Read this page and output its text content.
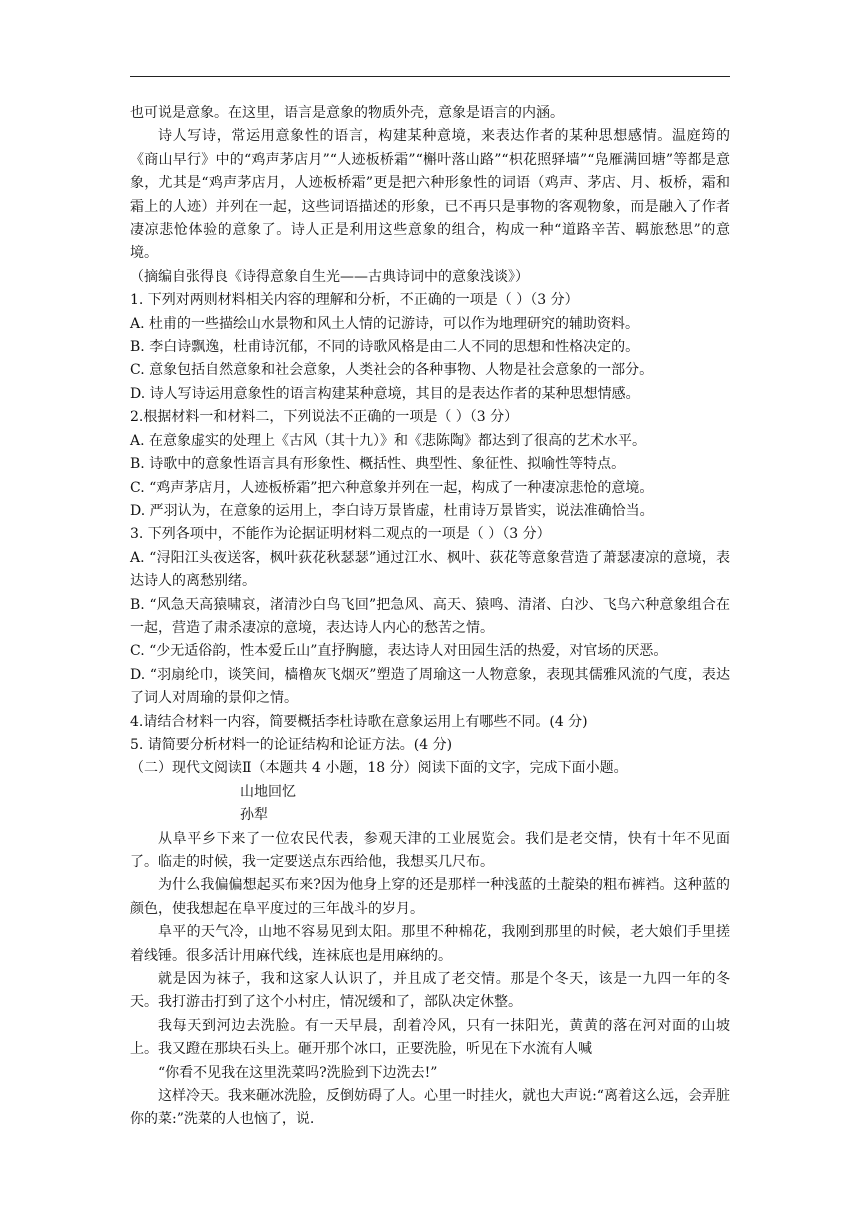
也可说是意象。在这里，语言是意象的物质外壳，意象是语言的内涵。

诗人写诗，常运用意象性的语言，构建某种意境，来表达作者的某种思想感情。温庭筠的《商山早行》中的“鸡声茅店月”“人迹板桥霜”“槲叶落山路”“枳花照驿墙”“凫雁满回塘”等都是意象，尤其是“鸡声茅店月，人迹板桥霜”更是把六种形象性的词语（鸡声、茅店、月、板桥，霜和霜上的人迹）并列在一起，这些词语描述的形象，已不再只是事物的客观物象，而是融入了作者凄凉悲怆体验的意象了。诗人正是利用这些意象的组合，构成一种“道路辛苦、羁旅愁思”的意境。

（摘编自张得良《诗得意象自生光——古典诗词中的意象浅谈》）

1. 下列对两则材料相关内容的理解和分析，不正确的一项是（ ）（3 分）

A. 杜甫的一些描绘山水景物和风土人情的记游诗，可以作为地理研究的辅助资料。

B. 李白诗飘逸，杜甫诗沉郁，不同的诗歌风格是由二人不同的思想和性格决定的。

C. 意象包括自然意象和社会意象，人类社会的各种事物、人物是社会意象的一部分。

D. 诗人写诗运用意象性的语言构建某种意境，其目的是表达作者的某种思想情感。

2.根据材料一和材料二，下列说法不正确的一项是（ ）（3 分）

A. 在意象虚实的处理上《古风（其十九）》和《悲陈陶》都达到了很高的艺术水平。

B. 诗歌中的意象性语言具有形象性、概括性、典型性、象征性、拟喻性等特点。

C. “鸡声茅店月，人迹板桥霜”把六种意象并列在一起，构成了一种凄凉悲怆的意境。

D. 严羽认为，在意象的运用上，李白诗万景皆虚，杜甫诗万景皆实，说法准确恰当。

3. 下列各项中，不能作为论据证明材料二观点的一项是（ ）（3 分）

A. “浔阳江头夜送客，枫叶荻花秋瑟瑟”通过江水、枫叶、荻花等意象营造了萧瑟凄凉的意境，表达诗人的离愁别绪。

B. “风急天高猿啸哀，渚清沙白鸟飞回”把急风、高天、猿鸣、清渚、白沙、飞鸟六种意象组合在一起，营造了肃杀凄凉的意境，表达诗人内心的愁苦之情。

C. “少无适俗韵，性本爱丘山”直抒胸臆，表达诗人对田园生活的热爱，对官场的厌恶。

D. “羽扇纶巾，谈笑间，樯橹灰飞烟灭”塑造了周瑜这一人物意象，表现其儒雅风流的气度，表达了词人对周瑜的景仰之情。

4.请结合材料一内容，简要概括李杜诗歌在意象运用上有哪些不同。(4 分)

5. 请简要分析材料一的论证结构和论证方法。(4 分)

（二）现代文阅读Ⅱ（本题共 4 小题，18 分）阅读下面的文字，完成下面小题。

山地回忆

孙犁

从阜平乡下来了一位农民代表，参观天津的工业展览会。我们是老交情，快有十年不见面了。临走的时候，我一定要送点东西给他，我想买几尺布。

为什么我偏偏想起买布来?因为他身上穿的还是那样一种浅蓝的土靛染的粗布裤裆。这种蓝的颜色，使我想起在阜平度过的三年战斗的岁月。

阜平的天气冷，山地不容易见到太阳。那里不种棉花，我刚到那里的时候，老大娘们手里搓着线锤。很多活计用麻代线，连袜底也是用麻纳的。

就是因为袜子，我和这家人认识了，并且成了老交情。那是个冬天，该是一九四一年的冬天。我打游击打到了这个小村庄，情况缓和了，部队决定休整。

我每天到河边去洗脸。有一天早晨，刮着冷风，只有一抹阳光，黄黄的落在河对面的山坡上。我又蹬在那块石头上。砸开那个冰口，正要洗脸，听见在下水流有人喊

“你看不见我在这里洗菜吗?洗脸到下边洗去!”

这样冷天。我来砸冰洗脸，反倒妨碍了人。心里一时挂火，就也大声说:“离着这么远，会弄脏你的菜:”洗菜的人也恼了，说.
